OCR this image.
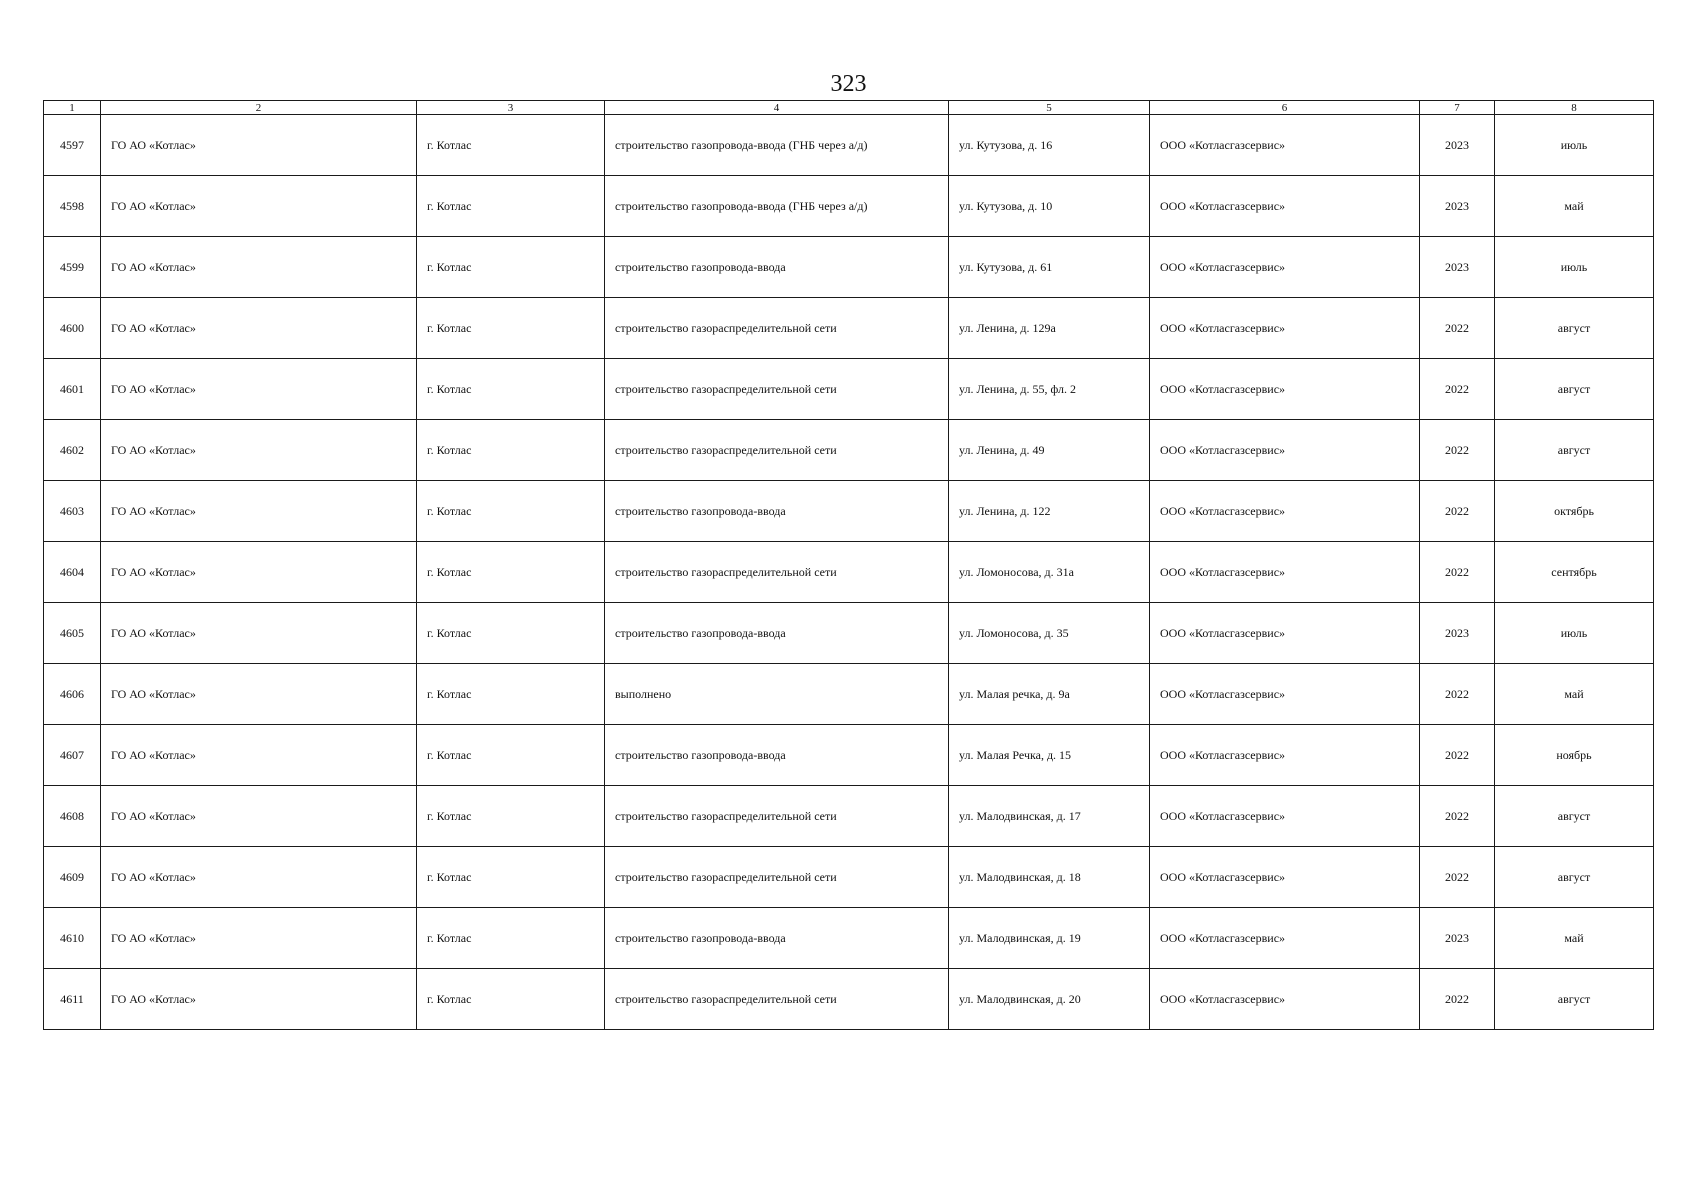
323
1	2	3	4	5	6	7	8
4597	ГО АО «Котлас»	г. Котлас	строительство газопровода-ввода (ГНБ через а/д)	ул. Кутузова, д. 16	ООО «Котласгазсервис»	2023	июль
4598	ГО АО «Котлас»	г. Котлас	строительство газопровода-ввода (ГНБ через а/д)	ул. Кутузова, д. 10	ООО «Котласгазсервис»	2023	май
4599	ГО АО «Котлас»	г. Котлас	строительство газопровода-ввода	ул. Кутузова, д. 61	ООО «Котласгазсервис»	2023	июль
4600	ГО АО «Котлас»	г. Котлас	строительство газораспределительной сети	ул. Ленина, д. 129а	ООО «Котласгазсервис»	2022	август
4601	ГО АО «Котлас»	г. Котлас	строительство газораспределительной сети	ул. Ленина, д. 55, фл. 2	ООО «Котласгазсервис»	2022	август
4602	ГО АО «Котлас»	г. Котлас	строительство газораспределительной сети	ул. Ленина, д. 49	ООО «Котласгазсервис»	2022	август
4603	ГО АО «Котлас»	г. Котлас	строительство газопровода-ввода	ул. Ленина, д. 122	ООО «Котласгазсервис»	2022	октябрь
4604	ГО АО «Котлас»	г. Котлас	строительство газораспределительной сети	ул. Ломоносова, д. 31а	ООО «Котласгазсервис»	2022	сентябрь
4605	ГО АО «Котлас»	г. Котлас	строительство газопровода-ввода	ул. Ломоносова, д. 35	ООО «Котласгазсервис»	2023	июль
4606	ГО АО «Котлас»	г. Котлас	выполнено	ул. Малая речка, д. 9а	ООО «Котласгазсервис»	2022	май
4607	ГО АО «Котлас»	г. Котлас	строительство газопровода-ввода	ул. Малая Речка, д. 15	ООО «Котласгазсервис»	2022	ноябрь
4608	ГО АО «Котлас»	г. Котлас	строительство газораспределительной сети	ул. Малодвинская, д. 17	ООО «Котласгазсервис»	2022	август
4609	ГО АО «Котлас»	г. Котлас	строительство газораспределительной сети	ул. Малодвинская, д. 18	ООО «Котласгазсервис»	2022	август
4610	ГО АО «Котлас»	г. Котлас	строительство газопровода-ввода	ул. Малодвинская, д. 19	ООО «Котласгазсервис»	2023	май
4611	ГО АО «Котлас»	г. Котлас	строительство газораспределительной сети	ул. Малодвинская, д. 20	ООО «Котласгазсервис»	2022	август
